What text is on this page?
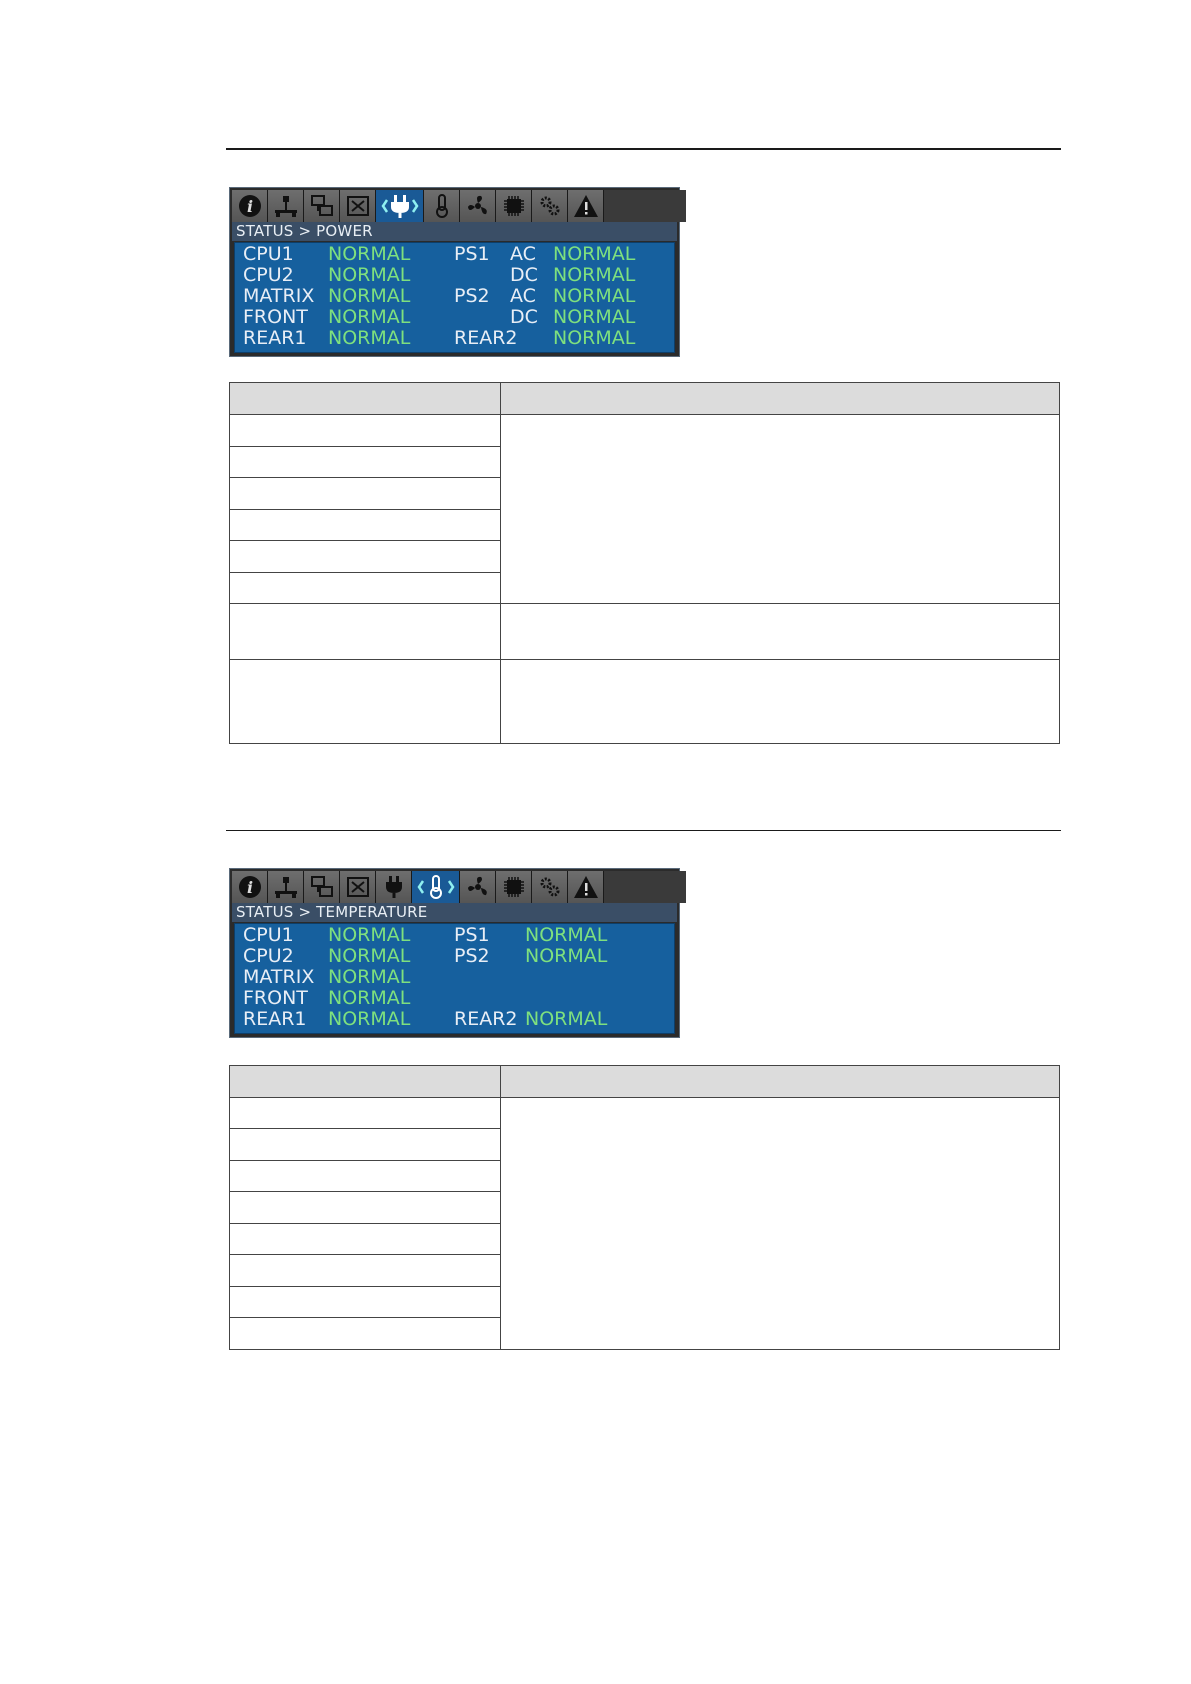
i
STATUS > POWER
CPU1 NORMAL PS1 AC NORMAL
CPU2 NORMAL	DC NORMAL
MATRIX NORMAL PS2 AC NORMAL
FRONT NORMAL	DC NORMAL
REAR1 NORMAL REAR2 NORMAL

i
STATUS > TEMPERATURE
CPU1 NORMAL PS1 NORMAL
CPU2 NORMAL PS2 NORMAL
MATRIX NORMAL
FRONT NORMAL
REAR1 NORMAL REAR2 NORMAL
